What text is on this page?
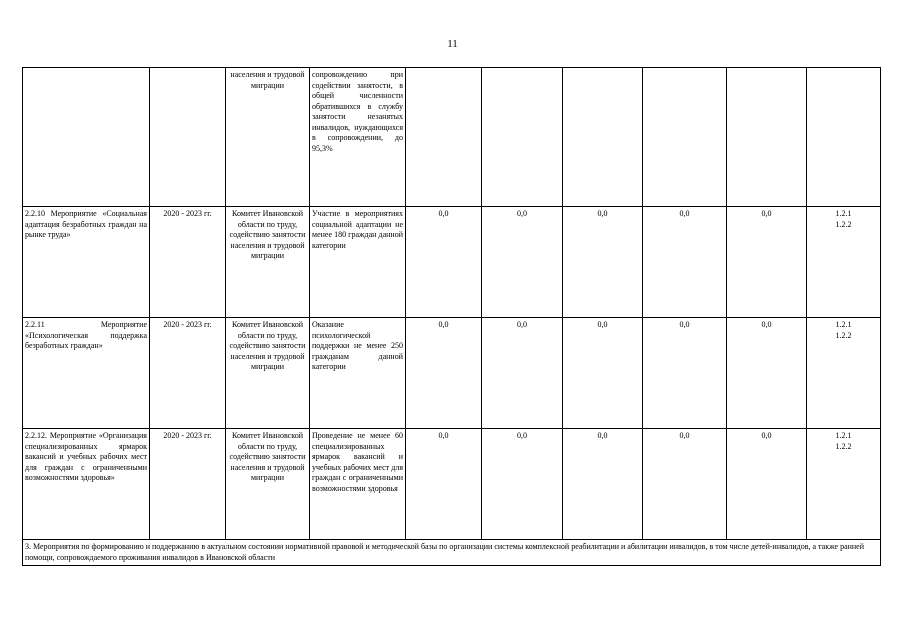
11
		населения и трудовой миграции	сопровождению при содействии занятости, в общей численности обратившихся в службу занятости незанятых инвалидов, нуждающихся в сопровождении, до 95,3%						

2.2.10 Мероприятие «Социальная адаптация безработных граждан на рынке труда»	2020 - 2023 гг.	Комитет Ивановской области по труду, содействию занятости населения и трудовой миграции	Участие в мероприятиях социальной адаптации не менее 180 граждан данной категории	0,0	0,0	0,0	0,0	0,0	1.2.1
1.2.2

2.2.11 Мероприятие «Психологическая поддержка безработных граждан»	2020 - 2023 гг.	Комитет Ивановской области по труду, содействию занятости населения и трудовой миграции	Оказание психологической поддержки не менее 250 гражданам данной категории	0,0	0,0	0,0	0,0	0,0	1.2.1
1.2.2

2.2.12. Мероприятие «Организация специализированных ярмарок вакансий и учебных рабочих мест для граждан с ограниченными возможностями здоровья»	2020 - 2023 гг.	Комитет Ивановской области по труду, содействию занятости населения и трудовой миграции	Проведение не менее 60 специализированных ярмарок вакансий и учебных рабочих мест для граждан с ограниченными возможностями здоровья	0,0	0,0	0,0	0,0	0,0	1.2.1
1.2.2

3. Мероприятия по формированию и поддержанию в актуальном состоянии нормативной правовой и методической базы по организации системы комплексной реабилитации и абилитации инвалидов, в том числе детей-инвалидов, а также ранней помощи, сопровождаемого проживания инвалидов в Ивановской области									
